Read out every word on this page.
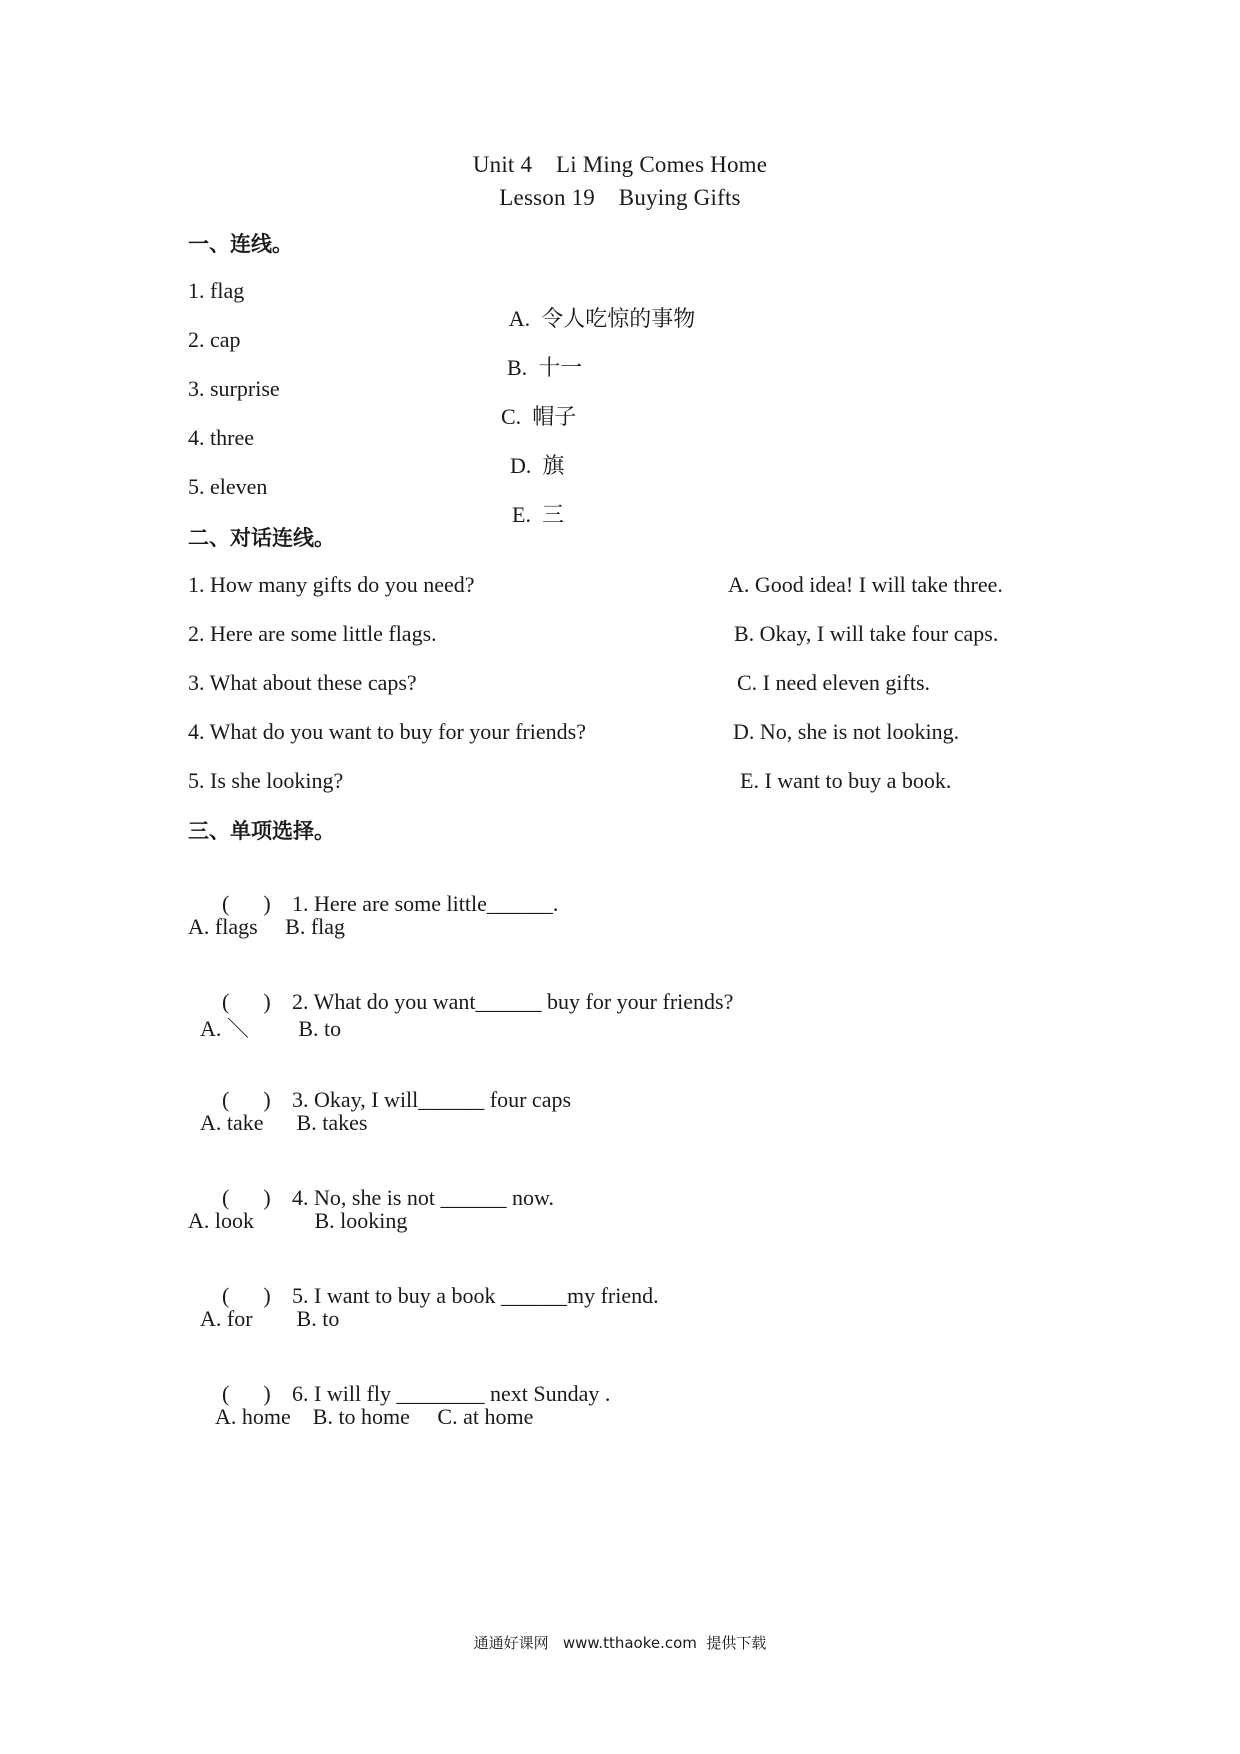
Unit 4    Li Ming Comes Home
Lesson 19    Buying Gifts
一、连线。
1. flag
2. cap
3. surprise
4. three
5. eleven

A. 令人吃惊的事物

B. 十一

C. 帽子

D. 旗

E. 三

二、对话连线。
1. How many gifts do you need?
2. Here are some little flags.
3. What about these caps?
4. What do you want to buy for your friends?
5. Is she looking?
A. Good idea! I will take three.
B. Okay, I will take four caps.
C. I need eleven gifts.
D. No, she is not looking.
E. I want to buy a book.
三、单项选择。

( ) 1. Here are some little______.

A. flags     B. flag

( ) 2. What do you want______ buy for your friends?

A. ＼         B. to

( ) 3. Okay, I will______ four caps

A. take      B. takes

( ) 4. No, she is not ______ now.

A. look           B. looking

( ) 5. I want to buy a book ______my friend.

A. for        B. to

( ) 6. I will fly ________ next Sunday .

A. home    B. to home     C. at home
通通好课网   www.tthaoke.com  提供下载
